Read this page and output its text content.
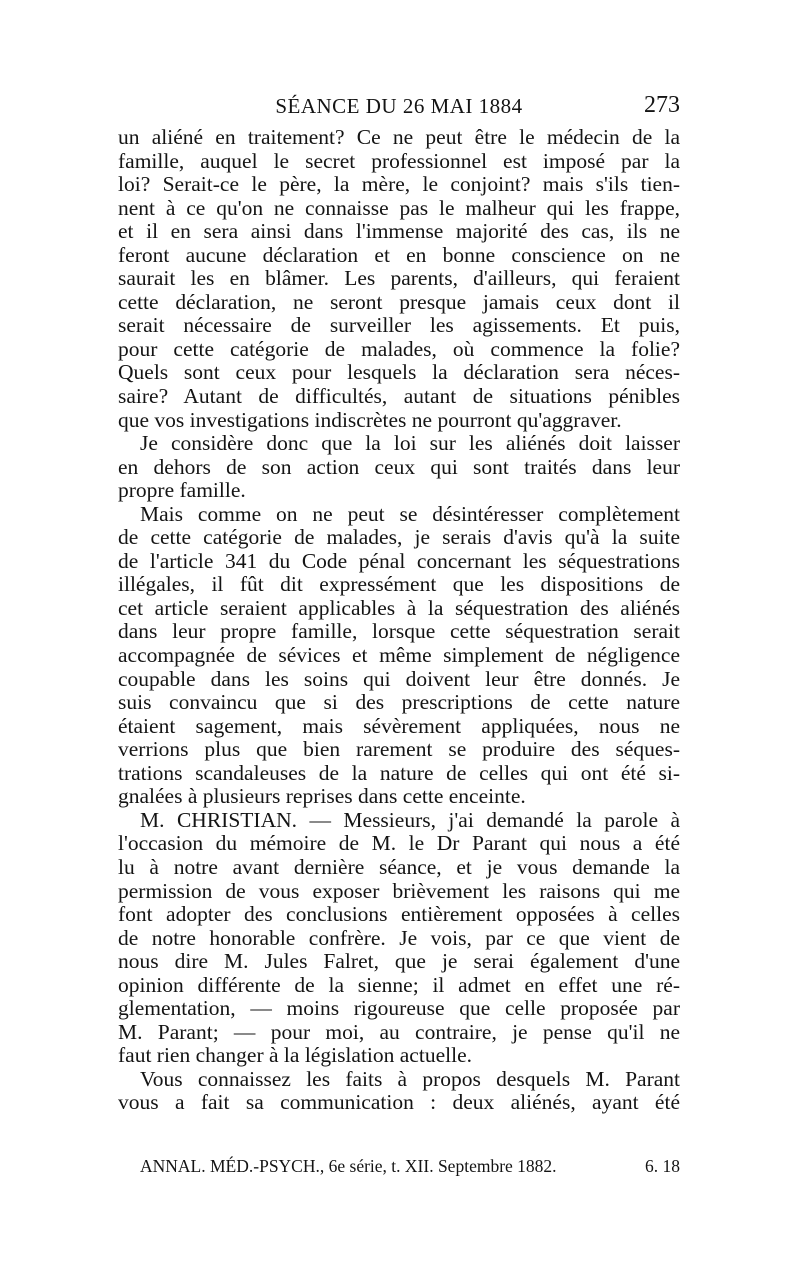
SÉANCE DU 26 MAI 1884	273
un aliéné en traitement? Ce ne peut être le médecin de la
famille, auquel le secret professionnel est imposé par la
loi? Serait-ce le père, la mère, le conjoint? mais s'ils tien-
nent à ce qu'on ne connaisse pas le malheur qui les frappe,
et il en sera ainsi dans l'immense majorité des cas, ils ne
feront aucune déclaration et en bonne conscience on ne
saurait les en blâmer. Les parents, d'ailleurs, qui feraient
cette déclaration, ne seront presque jamais ceux dont il
serait nécessaire de surveiller les agissements. Et puis,
pour cette catégorie de malades, où commence la folie?
Quels sont ceux pour lesquels la déclaration sera néces-
saire? Autant de difficultés, autant de situations pénibles
que vos investigations indiscrètes ne pourront qu'aggraver.
Je considère donc que la loi sur les aliénés doit laisser
en dehors de son action ceux qui sont traités dans leur
propre famille.
Mais comme on ne peut se désintéresser complètement
de cette catégorie de malades, je serais d'avis qu'à la suite
de l'article 341 du Code pénal concernant les séquestrations
illégales, il fût dit expressément que les dispositions de
cet article seraient applicables à la séquestration des aliénés
dans leur propre famille, lorsque cette séquestration serait
accompagnée de sévices et même simplement de négligence
coupable dans les soins qui doivent leur être donnés. Je
suis convaincu que si des prescriptions de cette nature
étaient sagement, mais sévèrement appliquées, nous ne
verrions plus que bien rarement se produire des séques-
trations scandaleuses de la nature de celles qui ont été si-
gnalées à plusieurs reprises dans cette enceinte.
M. CHRISTIAN. — Messieurs, j'ai demandé la parole à
l'occasion du mémoire de M. le Dr Parant qui nous a été
lu à notre avant dernière séance, et je vous demande la
permission de vous exposer brièvement les raisons qui me
font adopter des conclusions entièrement opposées à celles
de notre honorable confrère. Je vois, par ce que vient de
nous dire M. Jules Falret, que je serai également d'une
opinion différente de la sienne; il admet en effet une ré-
glementation, — moins rigoureuse que celle proposée par
M. Parant; — pour moi, au contraire, je pense qu'il ne
faut rien changer à la législation actuelle.
Vous connaissez les faits à propos desquels M. Parant
vous a fait sa communication : deux aliénés, ayant été
ANNAL. MÉD.-PSYCH., 6e série, t. XII. Septembre 1882.	6. 18
